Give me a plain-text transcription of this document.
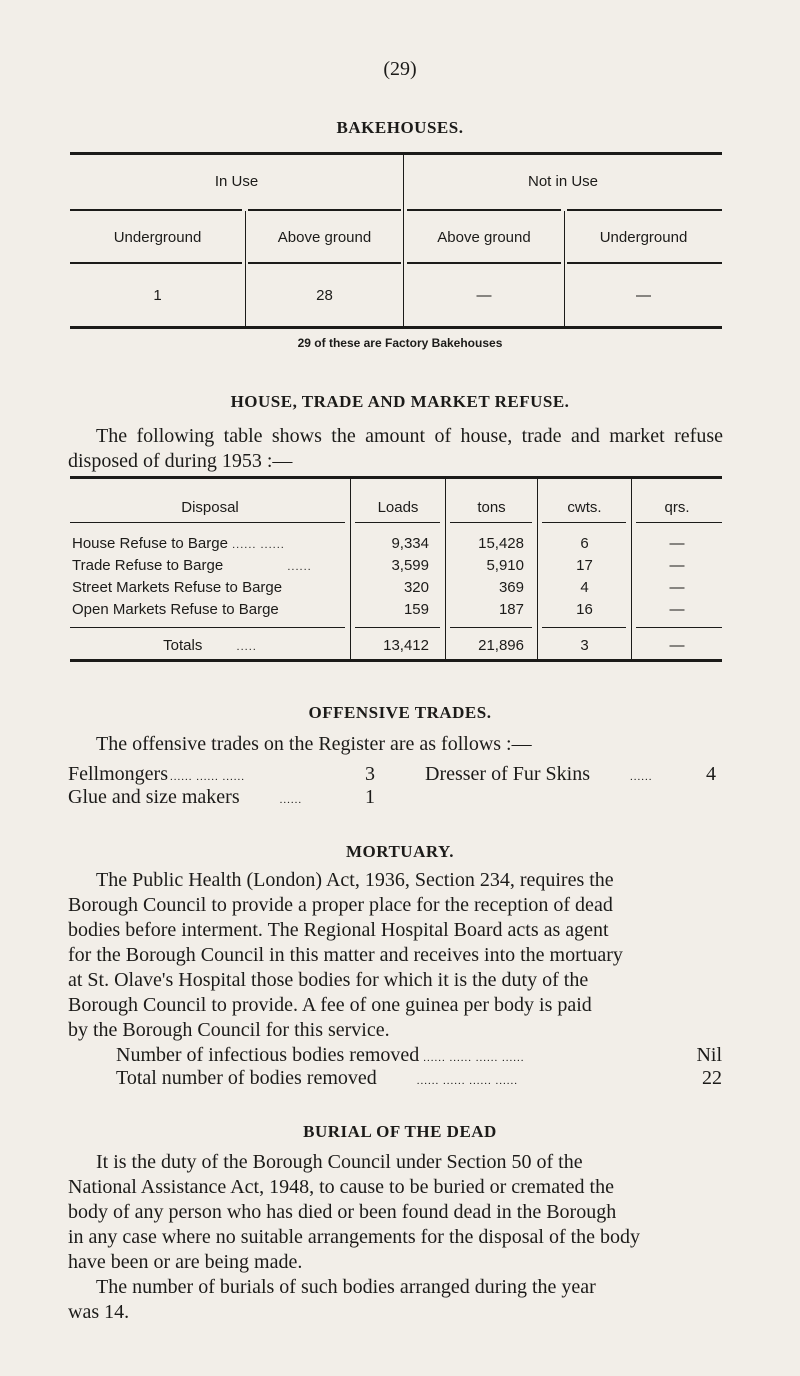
(29)
BAKEHOUSES.
In Use	Not in Use
Underground	Above ground	Above ground	Underground
1	28	—	—
29 of these are Factory Bakehouses
HOUSE, TRADE AND MARKET REFUSE.
The following table shows the amount of house, trade and market refuse disposed of during 1953 :—
Disposal	Loads	tons	cwts.	qrs.
House Refuse to Barge ...... ......	9,334	15,428	6	—
Trade Refuse to Barge	......	3,599	5,910	17	—
Street Markets Refuse to Barge	320	369	4	—
Open Markets Refuse to Barge	159	187	16	—
Totals	.....	13,412	21,896	3	—
OFFENSIVE TRADES.
The offensive trades on the Register are as follows :—
Fellmongers ...... ...... ......	3	Dresser of Fur Skins	......	4
Glue and size makers	......	1
MORTUARY.
The Public Health (London) Act, 1936, Section 234, requires the
Borough Council to provide a proper place for the reception of dead
bodies before interment. The Regional Hospital Board acts as agent
for the Borough Council in this matter and receives into the mortuary
at St. Olave's Hospital those bodies for which it is the duty of the
Borough Council to provide. A fee of one guinea per body is paid
by the Borough Council for this service.
Number of infectious bodies removed ...... ...... ...... ......	Nil
Total number of bodies removed	...... ...... ...... ......	22
BURIAL OF THE DEAD
It is the duty of the Borough Council under Section 50 of the
National Assistance Act, 1948, to cause to be buried or cremated the
body of any person who has died or been found dead in the Borough
in any case where no suitable arrangements for the disposal of the body
have been or are being made.
The number of burials of such bodies arranged during the year
was 14.
